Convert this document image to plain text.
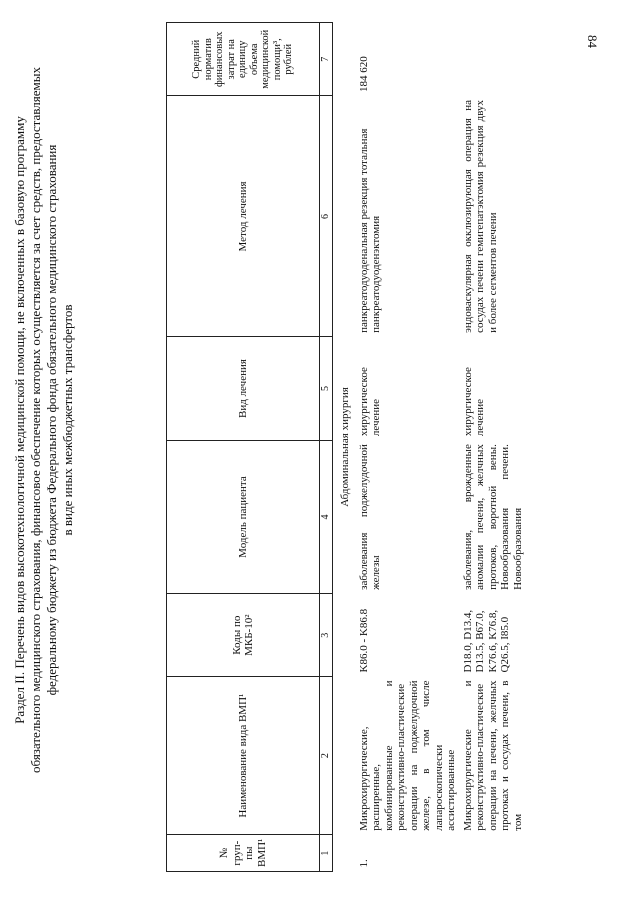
84
Раздел II. Перечень видов высокотехнологичной медицинской помощи, не включенных в базовую программу обязательного медицинского страхования, финансовое обеспечение которых осуществляется за счет средств, предоставляемых федеральному бюджету из бюджета Федерального фонда обязательного медицинского страхования в виде иных межбюджетных трансфертов
№ груп- пы ВМП¹	Наименование вида ВМП¹	Коды по МКБ-10²	Модель пациента	Вид лечения	Метод лечения	Средний норматив финансовых затрат на единицу объема медицинской помощи³, рублей
1	2	3	4	5	6	7
Абдоминальная хирургия						
1.	Микрохирургические, расширенные, комбинированные и реконструктивно-пластические операции на поджелудочной железе, в том числе лапароскопически ассистированные	K86.0 - K86.8	заболевания поджелудочной железы	хирургическое лечение	панкреатодуоденальная резекция тотальная панкреатодуоденэктомия	184 620
	Микрохирургические и реконструктивно-пластические операции на печени, желчных протоках и сосудах печени, в том	D18.0, D13.4, D13.5, B67.0, K76.6, K76.8, Q26.5, I85.0	заболевания, врожденные аномалии печени, желчных протоков, воротной вены. Новообразования печени. Новообразования	хирургическое лечение	эндоваскулярная окклюзирующая операция на сосудах печени гемигепатэктомия резекция двух и более сегментов печени	
